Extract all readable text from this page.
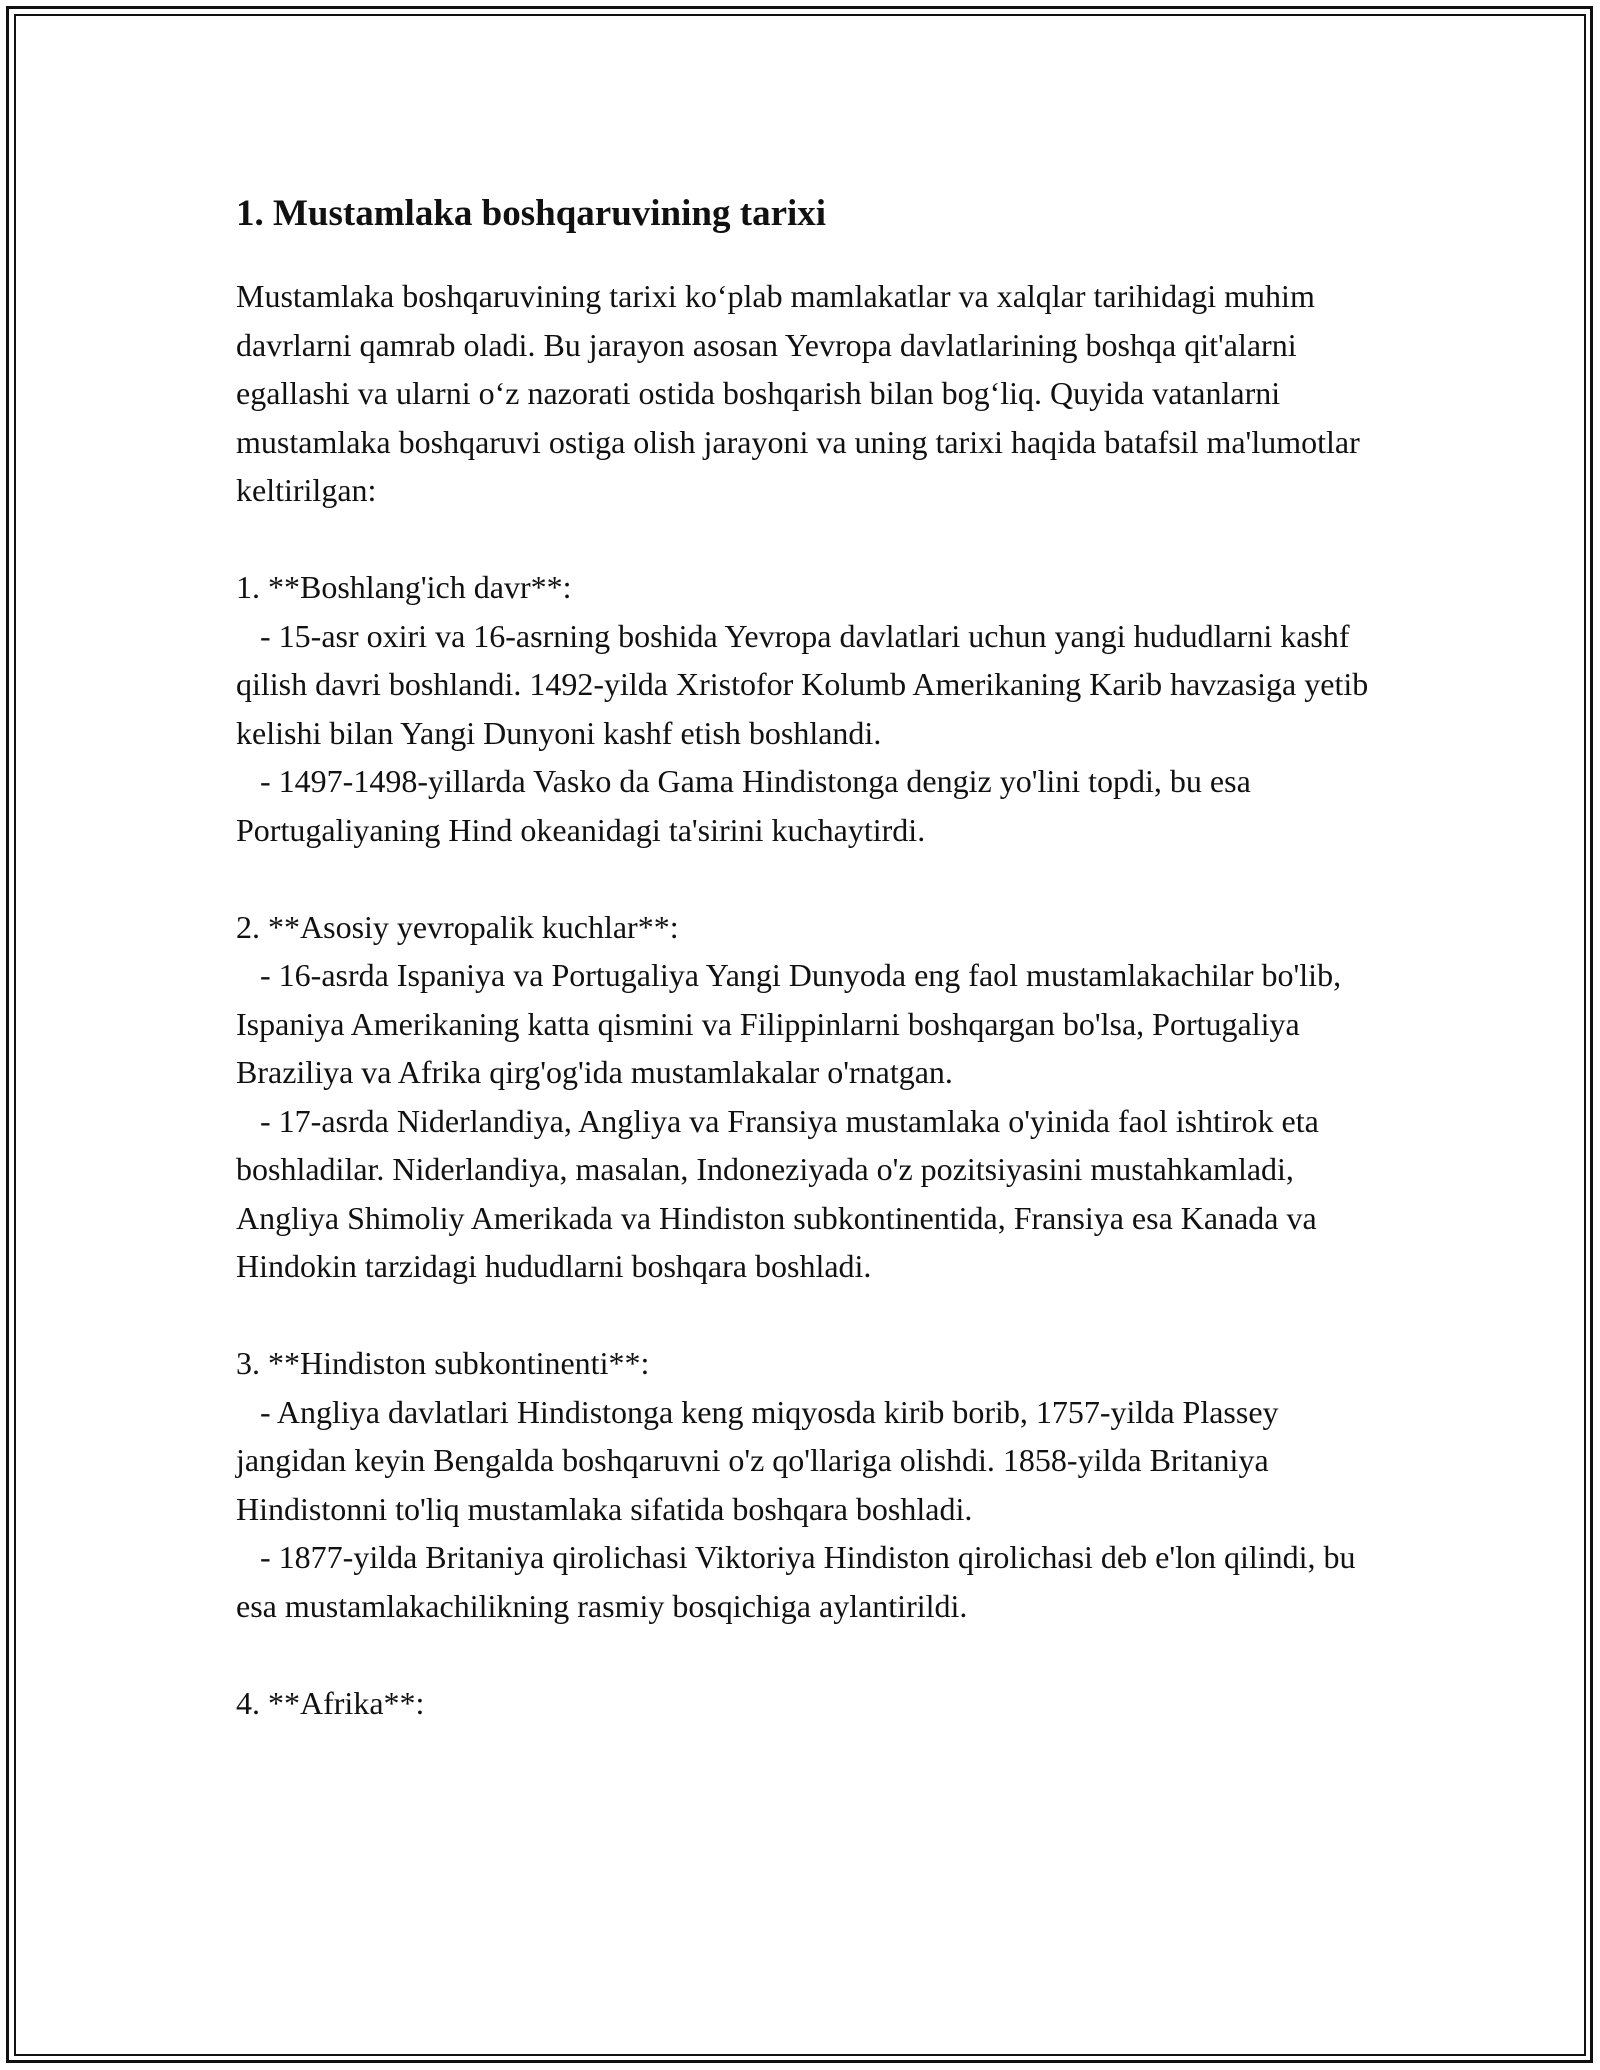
1. Mustamlaka boshqaruvining tarixi

Mustamlaka boshqaruvining tarixi koʻplab mamlakatlar va xalqlar tarihidagi muhim davrlarni qamrab oladi. Bu jarayon asosan Yevropa davlatlarining boshqa qit'alarni egallashi va ularni oʻz nazorati ostida boshqarish bilan bogʻliq. Quyida vatanlarni mustamlaka boshqaruvi ostiga olish jarayoni va uning tarixi haqida batafsil ma'lumotlar keltirilgan:

1. **Boshlang'ich davr**:
- 15-asr oxiri va 16-asrning boshida Yevropa davlatlari uchun yangi hududlarni kashf qilish davri boshlandi. 1492-yilda Xristofor Kolumb Amerikaning Karib havzasiga yetib kelishi bilan Yangi Dunyoni kashf etish boshlandi.
- 1497-1498-yillarda Vasko da Gama Hindistonga dengiz yo'lini topdi, bu esa Portugaliyaning Hind okeanidagi ta'sirini kuchaytirdi.

2. **Asosiy yevropalik kuchlar**:
- 16-asrda Ispaniya va Portugaliya Yangi Dunyoda eng faol mustamlakachilar bo'lib, Ispaniya Amerikaning katta qismini va Filippinlarni boshqargan bo'lsa, Portugaliya Braziliya va Afrika qirg'og'ida mustamlakalar o'rnatgan.
- 17-asrda Niderlandiya, Angliya va Fransiya mustamlaka o'yinida faol ishtirok eta boshladilar. Niderlandiya, masalan, Indoneziyada o'z pozitsiyasini mustahkamladi, Angliya Shimoliy Amerikada va Hindiston subkontinentida, Fransiya esa Kanada va Hindokin tarzidagi hududlarni boshqara boshladi.

3. **Hindiston subkontinenti**:
- Angliya davlatlari Hindistonga keng miqyosda kirib borib, 1757-yilda Plassey jangidan keyin Bengalda boshqaruvni o'z qo'llariga olishdi. 1858-yilda Britaniya Hindistonni to'liq mustamlaka sifatida boshqara boshladi.
- 1877-yilda Britaniya qirolichasi Viktoriya Hindiston qirolichasi deb e'lon qilindi, bu esa mustamlakachilikning rasmiy bosqichiga aylantirildi.

4. **Afrika**:
